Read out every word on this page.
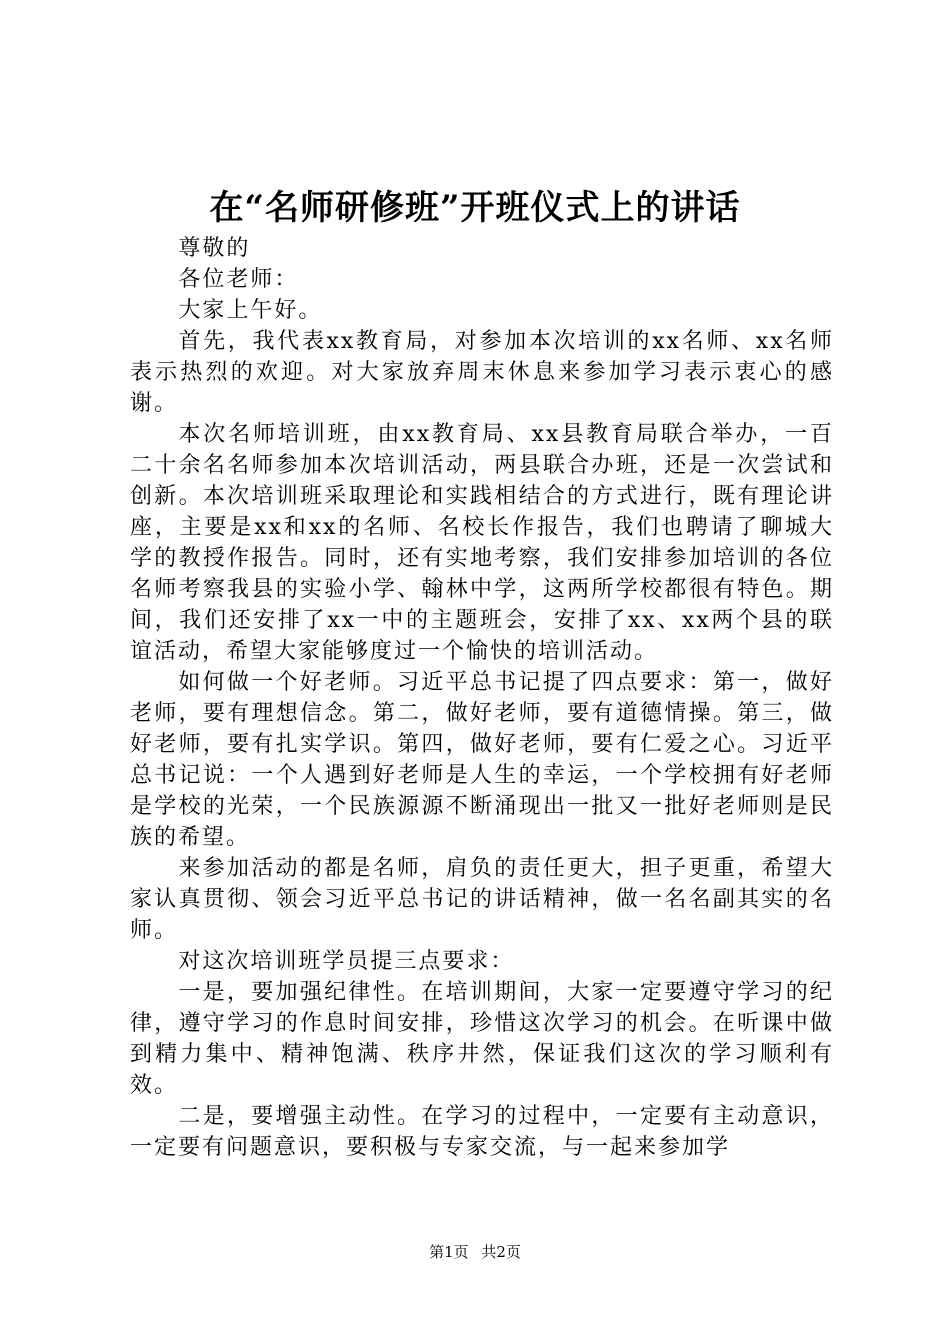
在“名师研修班”开班仪式上的讲话

尊敬的

各位老师：

大家上午好。

首先，我代表xx教育局，对参加本次培训的xx名师、xx名师表示热烈的欢迎。对大家放弃周末休息来参加学习表示衷心的感谢。

本次名师培训班，由xx教育局、xx县教育局联合举办，一百二十余名名师参加本次培训活动，两县联合办班，还是一次尝试和创新。本次培训班采取理论和实践相结合的方式进行，既有理论讲座，主要是xx和xx的名师、名校长作报告，我们也聘请了聊城大学的教授作报告。同时，还有实地考察，我们安排参加培训的各位名师考察我县的实验小学、翰林中学，这两所学校都很有特色。期间，我们还安排了xx一中的主题班会，安排了xx、xx两个县的联谊活动，希望大家能够度过一个愉快的培训活动。

如何做一个好老师。习近平总书记提了四点要求：第一，做好老师，要有理想信念。第二，做好老师，要有道德情操。第三，做好老师，要有扎实学识。第四，做好老师，要有仁爱之心。习近平总书记说：一个人遇到好老师是人生的幸运，一个学校拥有好老师是学校的光荣，一个民族源源不断涌现出一批又一批好老师则是民族的希望。

来参加活动的都是名师，肩负的责任更大，担子更重，希望大家认真贯彻、领会习近平总书记的讲话精神，做一名名副其实的名师。

对这次培训班学员提三点要求：

一是，要加强纪律性。在培训期间，大家一定要遵守学习的纪律，遵守学习的作息时间安排，珍惜这次学习的机会。在听课中做到精力集中、精神饱满、秩序井然，保证我们这次的学习顺利有效。

二是，要增强主动性。在学习的过程中，一定要有主动意识，一定要有问题意识，要积极与专家交流，与一起来参加学

第1页 共2页
